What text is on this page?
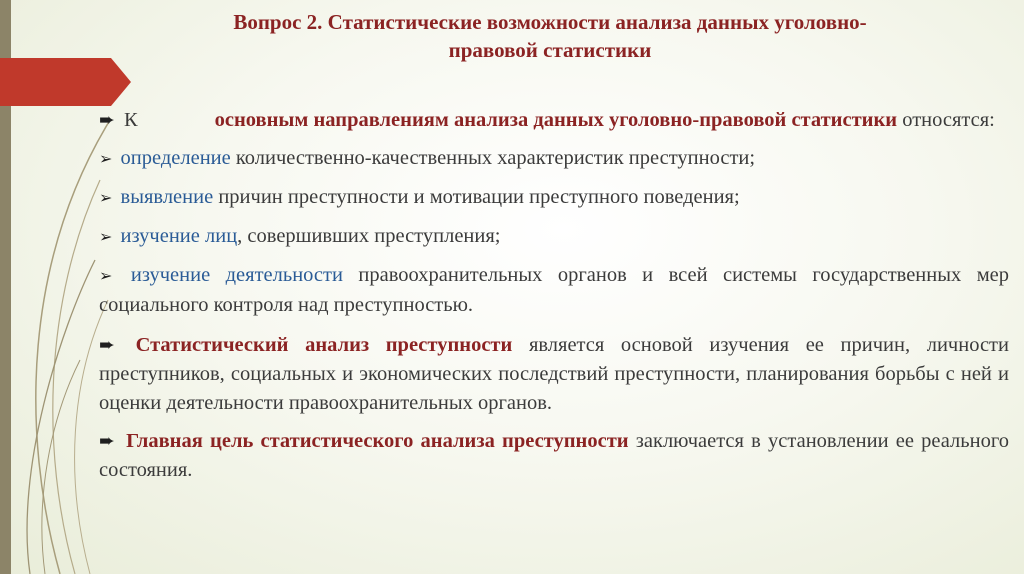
Вопрос 2. Статистические возможности анализа данных уголовно-
правовой статистики
➨ К	основным направлениям анализа данных уголовно-правовой статистики относятся:
➢ определение количественно-качественных характеристик преступности;
➢ выявление причин преступности и мотивации преступного поведения;
➢ изучение лиц, совершивших преступления;
➢ изучение деятельности правоохранительных органов и всей системы государственных мер социального контроля над преступностью.
➨ Статистический анализ преступности является основой изучения ее причин, личности преступников, социальных и экономических последствий преступности, планирования борьбы с ней и оценки деятельности правоохранительных органов.
➨ Главная цель статистического анализа преступности заключается в установлении ее реального состояния.
